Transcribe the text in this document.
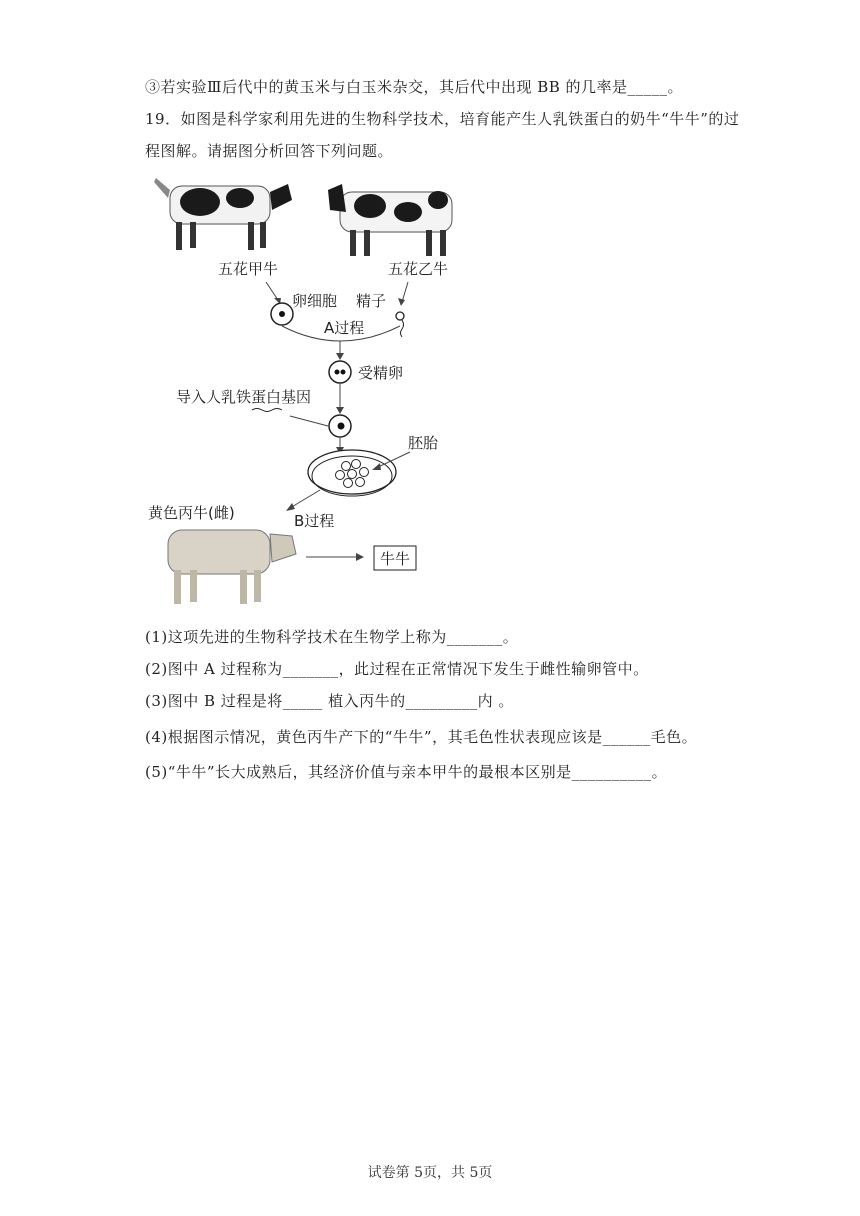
③若实验Ⅲ后代中的黄玉米与白玉米杂交，其后代中出现 BB 的几率是_____。
19．如图是科学家利用先进的生物科学技术，培育能产生人乳铁蛋白的奶牛“牛牛”的过
程图解。请据图分析回答下列问题。
五花甲牛	五花乙牛
卵细胞 精子
A过程
受精卵
导入人乳铁蛋白基因
胚胎
黄色丙牛(雌)	B过程
牛牛
(1)这项先进的生物科学技术在生物学上称为_______。
(2)图中 A 过程称为_______，此过程在正常情况下发生于雌性输卵管中。
(3)图中 B 过程是将_____ 植入丙牛的_________内 。
(4)根据图示情况，黄色丙牛产下的“牛牛”，其毛色性状表现应该是______毛色。
(5)“牛牛”长大成熟后，其经济价值与亲本甲牛的最根本区别是__________。
试卷第 5页，共 5页
